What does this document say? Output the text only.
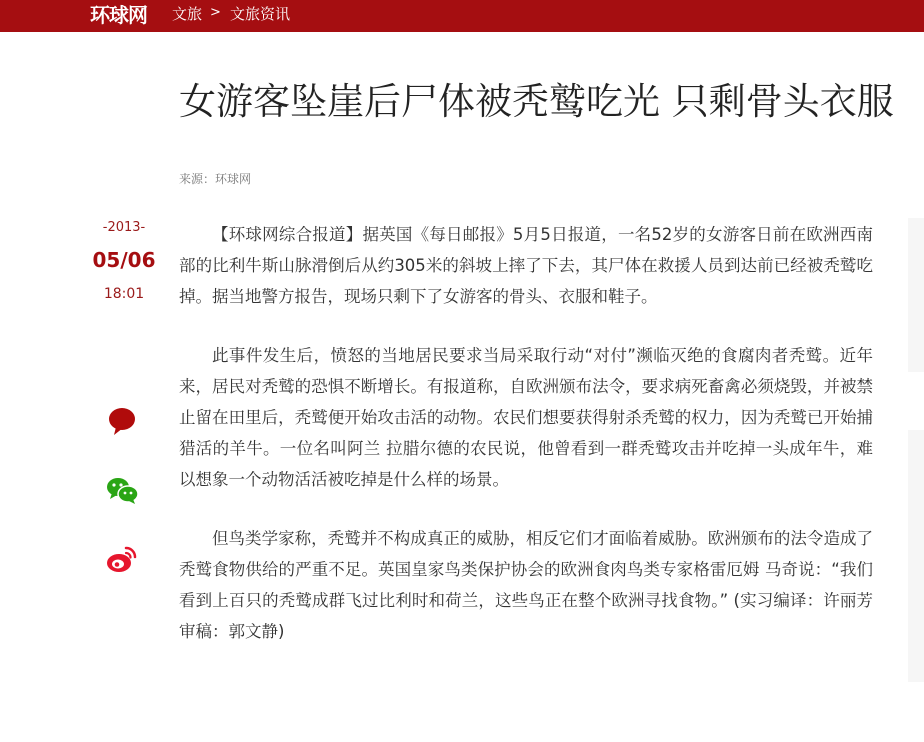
环球网 文旅 > 文旅资讯
女游客坠崖后尸体被秃鹫吃光 只剩骨头衣服
来源：环球网
-2013-
05/06
18:01

【环球网综合报道】据英国《每日邮报》5月5日报道，一名52岁的女游客日前在欧洲西南部的比利牛斯山脉滑倒后从约305米的斜坡上摔了下去，其尸体在救援人员到达前已经被秃鹫吃掉。据当地警方报告，现场只剩下了女游客的骨头、衣服和鞋子。

此事件发生后，愤怒的当地居民要求当局采取行动“对付”濒临灭绝的食腐肉者秃鹫。近年来，居民对秃鹫的恐惧不断增长。有报道称，自欧洲颁布法令，要求病死畜禽必须烧毁，并被禁止留在田里后，秃鹫便开始攻击活的动物。农民们想要获得射杀秃鹫的权力，因为秃鹫已开始捕猎活的羊牛。一位名叫阿兰 拉腊尔德的农民说，他曾看到一群秃鹫攻击并吃掉一头成年牛，难以想象一个动物活活被吃掉是什么样的场景。

但鸟类学家称，秃鹫并不构成真正的威胁，相反它们才面临着威胁。欧洲颁布的法令造成了秃鹫食物供给的严重不足。英国皇家鸟类保护协会的欧洲食肉鸟类专家格雷厄姆 马奇说：“我们看到上百只的秃鹫成群飞过比利时和荷兰，这些鸟正在整个欧洲寻找食物。” (实习编译：许丽芳 审稿：郭文静)
